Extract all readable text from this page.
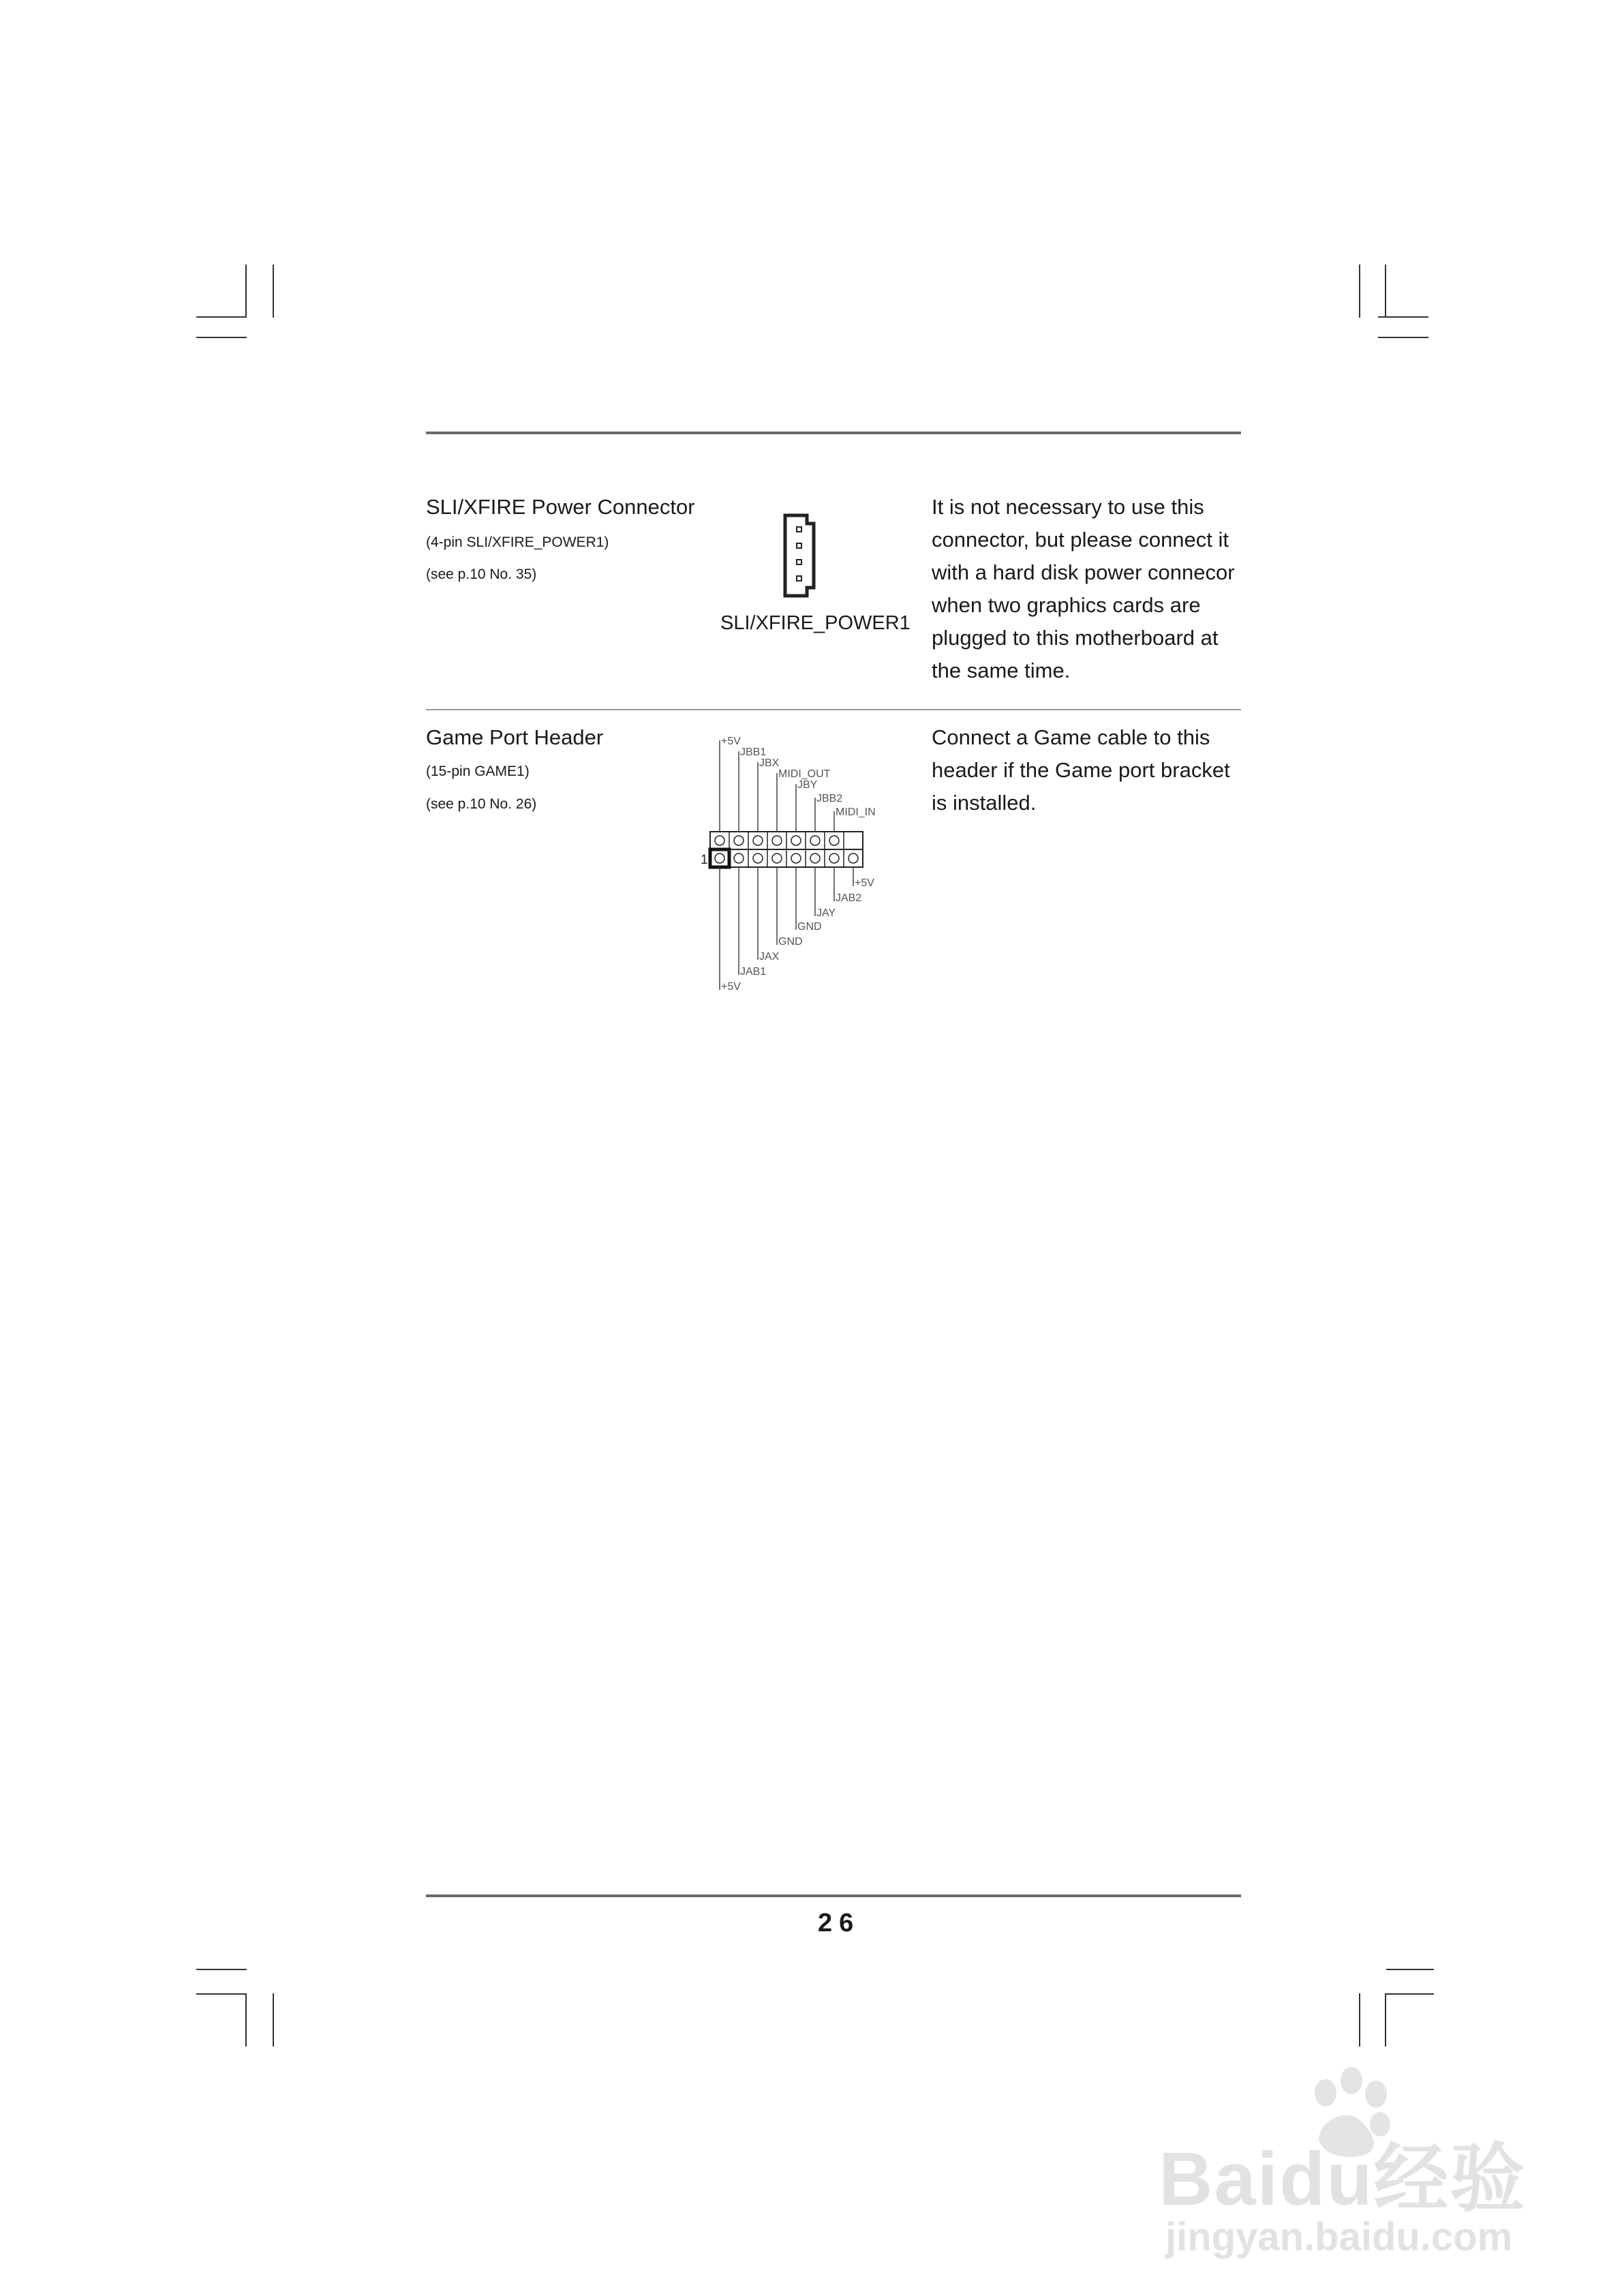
SLI/XFIRE Power Connector
(4-pin SLI/XFIRE_POWER1)
(see p.10 No. 35)
SLI/XFIRE_POWER1
It is not necessary to use this
connector, but please connect it
with a hard disk power connecor
when two graphics cards are
plugged to this motherboard at
the same time.
Game Port Header
(15-pin GAME1)
(see p.10 No. 26)
1
+5V
JBB1
JBX
MIDI_OUT
JBY
JBB2
MIDI_IN
+5V
JAB1
JAX
GND
GND
JAY
JAB2
+5V
Connect a Game cable to this
header if the Game port bracket
is installed.
26
Baidu经验
jingyan.baidu.com
